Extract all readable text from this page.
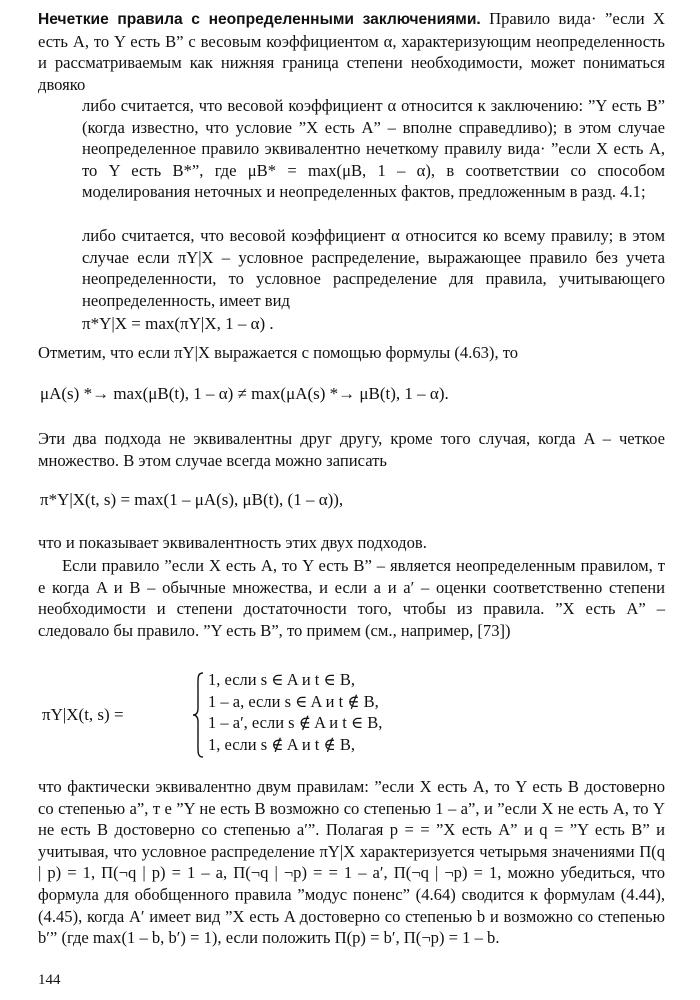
Нечеткие правила с неопределенными заключениями. Правило вида· ”если X есть A, то Y есть B” с весовым коэффициентом α, характеризующим неопределенность и рассматриваемым как нижняя граница степени необходимости, может пониматься двояко

либо считается, что весовой коэффициент α относится к заключению: ”Y есть B” (когда известно, что условие ”X есть A” – вполне справедливо); в этом случае неопределенное правило эквивалентно нечеткому правилу вида· ”если X есть A, то Y есть B*”, где μB* = max(μB, 1 – α), в соответствии со способом моделирования неточных и неопределенных фактов, предложенным в разд. 4.1;

либо считается, что весовой коэффициент α относится ко всему правилу; в этом случае если πY|X – условное распределение, выражающее правило без учета неопределенности, то условное распределение для правила, учитывающего неопределенность, имеет вид

π*Y|X = max(πY|X, 1 – α) .

Отметим, что если πY|X выражается с помощью формулы (4.63), то

μA(s) *→ max(μB(t), 1 – α) ≠ max(μA(s) *→ μB(t), 1 – α).

Эти два подхода не эквивалентны друг другу, кроме того случая, когда A – четкое множество. В этом случае всегда можно записать

π*Y|X(t, s) = max(1 – μA(s), μB(t), (1 – α)),

что и показывает эквивалентность этих двух подходов.

Если правило ”если X есть A, то Y есть B” – является неопределенным правилом, т е когда A и B – обычные множества, и если a и a′ – оценки соответственно степени необходимости и степени достаточности того, чтобы из правила. ”X есть A” – следовало бы правило. ”Y есть B”, то примем (см., например, [73])

πY|X(t, s) =
1, если s ∈ A и t ∈ B,
1 – a, если s ∈ A и t ∉ B,
1 – a′, если s ∉ A и t ∈ B,
1, если s ∉ A и t ∉ B,

что фактически эквивалентно двум правилам: ”если X есть A, то Y есть B достоверно со степенью a”, т е ”Y не есть B возможно со степенью 1 – a”, и ”если X не есть A, то Y не есть B достоверно со степенью a′”. Полагая p = = ”X есть A” и q = ”Y есть B” и учитывая, что условное распределение πY|X характеризуется четырьмя значениями Π(q | p) = 1, Π(¬q | p) = 1 – a, Π(¬q | ¬p) = = 1 – a′, Π(¬q | ¬p) = 1, можно убедиться, что формула для обобщенного правила ”модус поненс” (4.64) сводится к формулам (4.44), (4.45), когда A′ имеет вид ”X есть A достоверно со степенью b и возможно со степенью b′” (где max(1 – b, b′) = 1), если положить Π(p) = b′, Π(¬p) = 1 – b.

144
